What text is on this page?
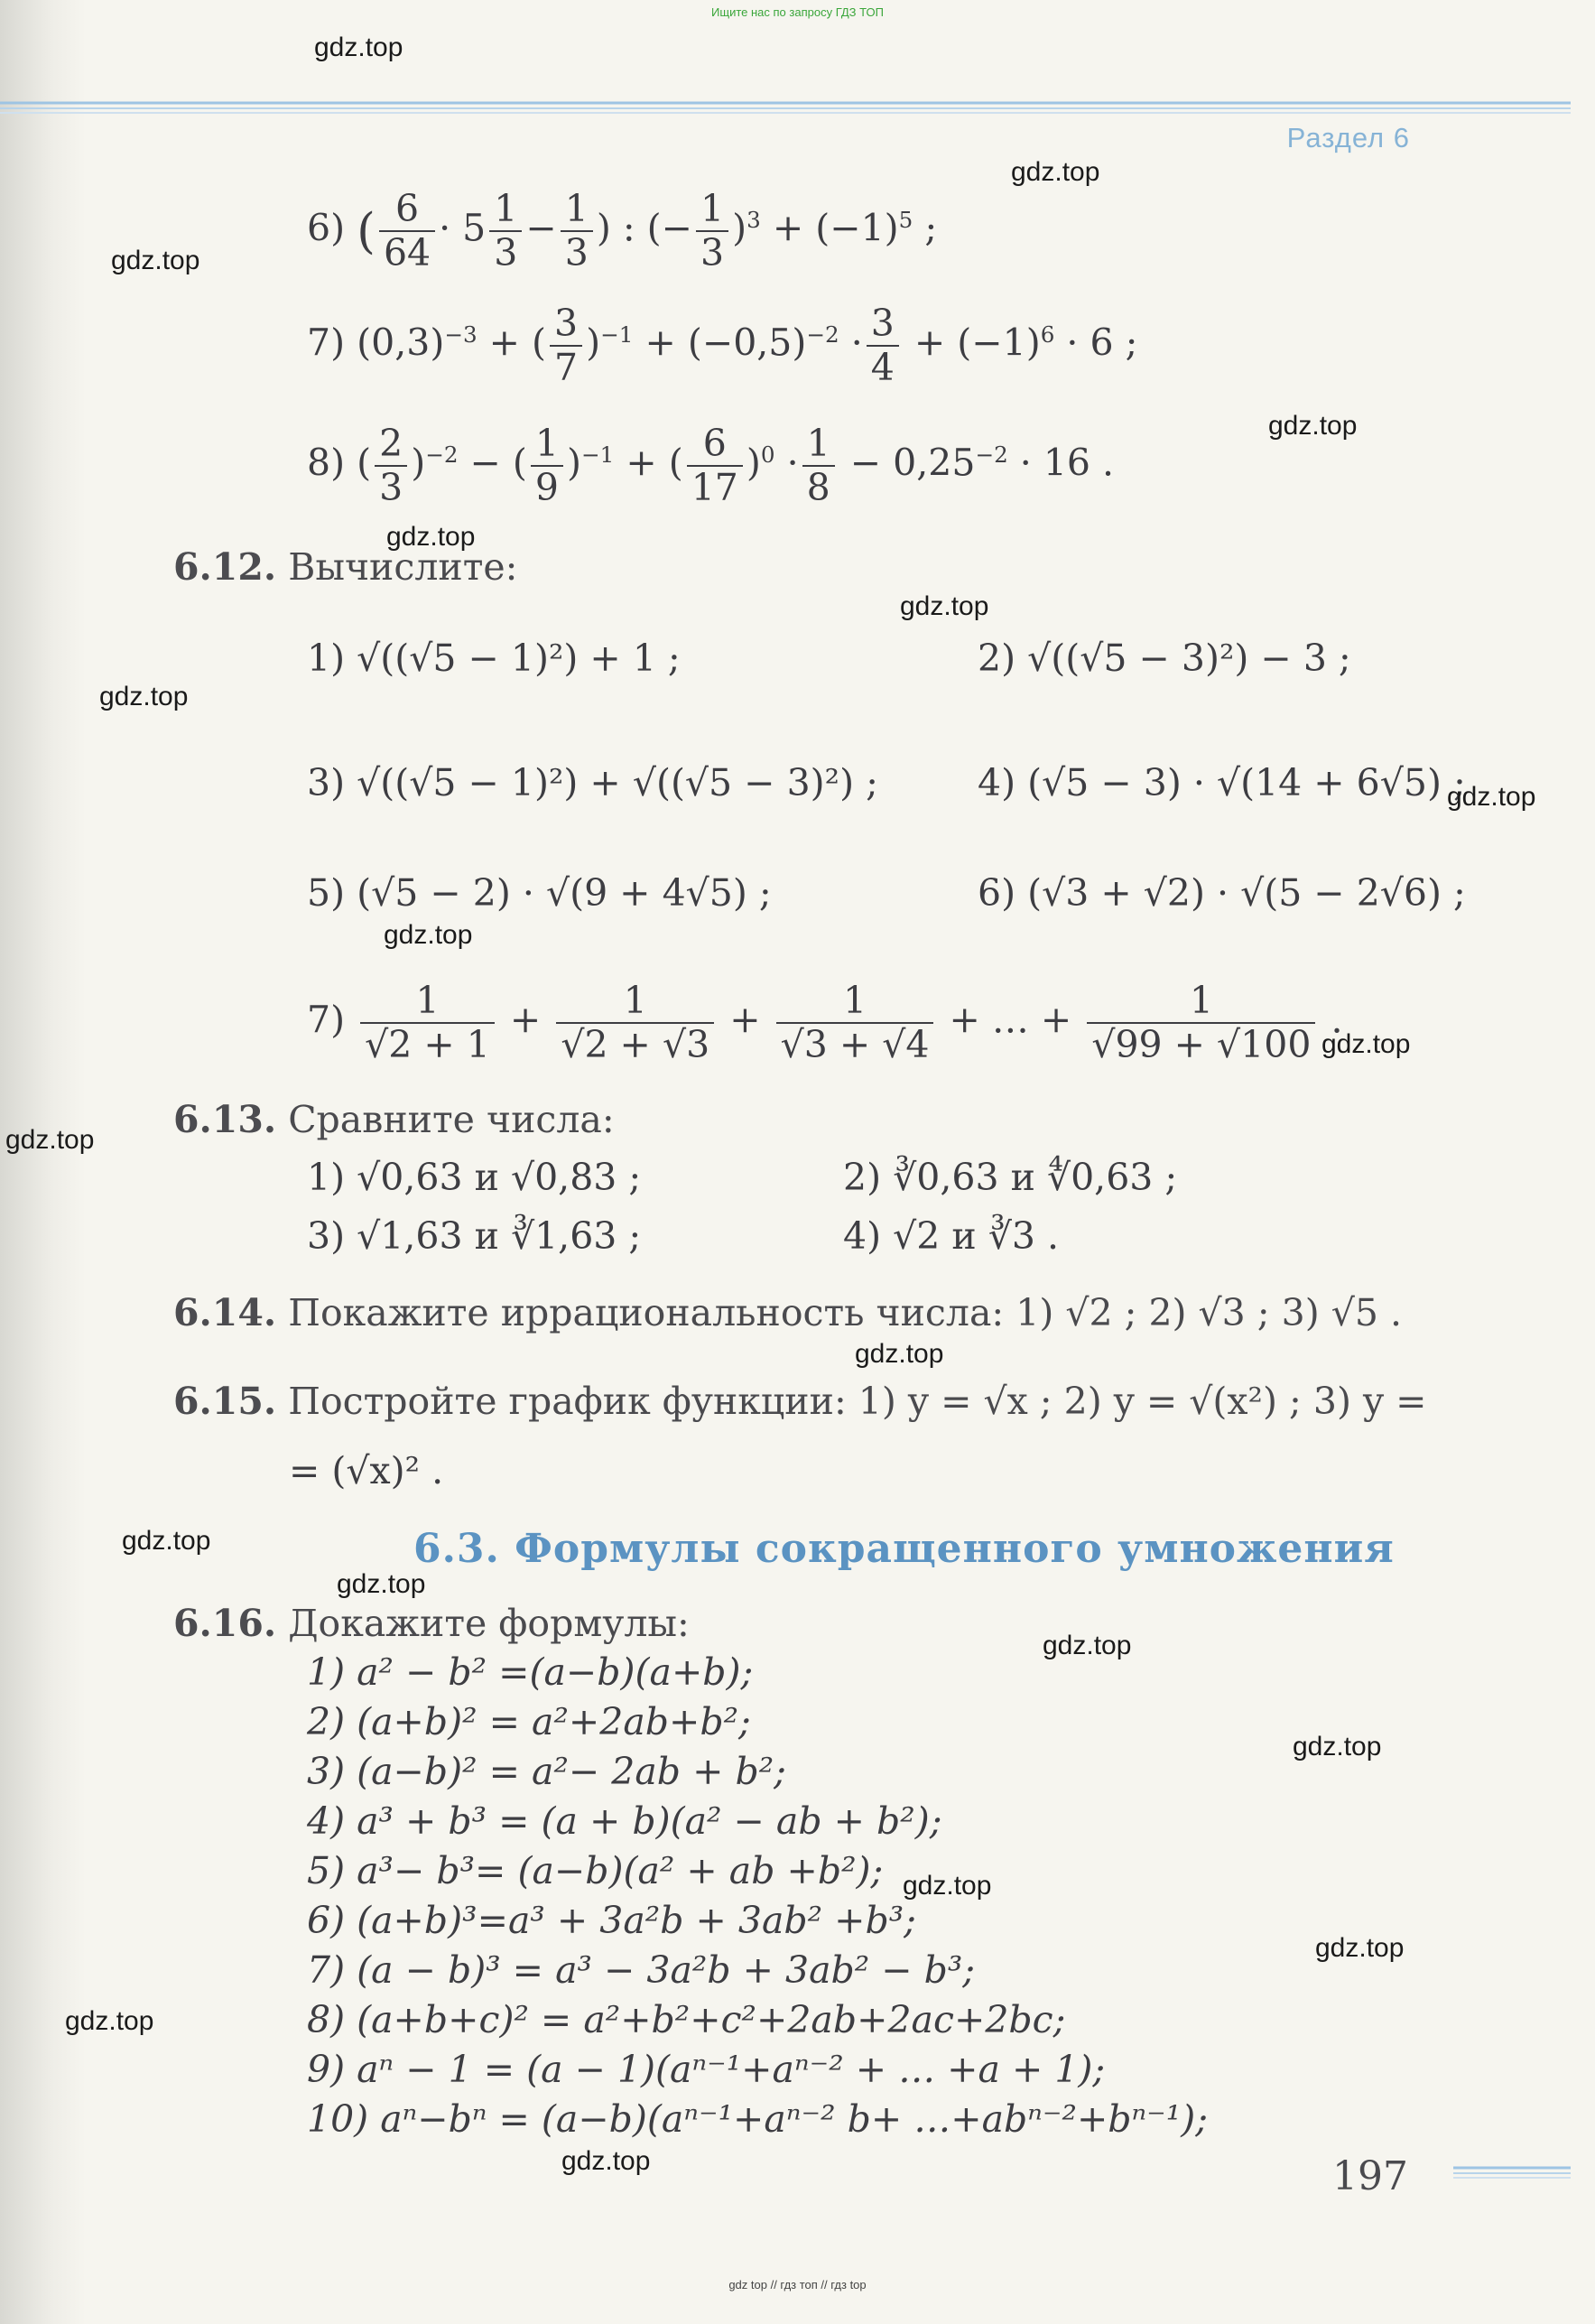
Ищите нас по запросу ГДЗ ТОП
Раздел 6
6) ( $\frac{6}{64} \cdot 5 \frac{1}{3} - \frac{1}{3}$ ) : (− $\frac{1}{3} )^3 + (-1)^5$ ;
7) $(0,3)^{-3}$ + ( $\frac{3}{7} )^{-1} + (-0,5)^{-2} \cdot \frac{3}{4} + (-1)^6 \cdot 6$ ;
8) ( $\frac{2}{3} )^{-2}$ − ( $\frac{1}{9} )^{-1}$ + ( $\frac{6}{17} )^0 \cdot \frac{1}{8} - 0,25^{-2} \cdot 16$ .
6.12. Вычислите:
1) √((√5 − 1)²) + 1 ;	2) √((√5 − 3)²) − 3 ;
3) √((√5 − 1)²) + √((√5 − 3)²) ;	4) (√5 − 3) · √(14 + 6√5) ;
5) (√5 − 2) · √(9 + 4√5) ;	6) (√3 + √2) · √(5 − 2√6) ;
$7) \frac{1}{√2 + 1} + \frac{1}{√2 + √3} + \frac{1}{√3 + √4}$ + … + $\frac{1}{√99 + √100}$ .
6.13. Сравните числа:
1) √0,63 и √0,83 ;	2) ∛0,63 и ∜0,63 ;
3) √1,63 и ∛1,63 ;	4) √2 и ∛3 .
6.14. Покажите иррациональность числа: 1) √2 ; 2) √3 ; 3) √5 .
6.15. Постройте график функции: 1) y = √x ; 2) y = √(x²) ; 3) y =
= (√x)² .
6.3. Формулы сокращенного умножения
6.16. Докажите формулы:
1) a² − b² =(a−b)(a+b);
2) (a+b)² = a²+2ab+b²;
3) (a−b)² = a²− 2ab + b²;
4) a³ + b³ = (a + b)(a² − ab + b²);
5) a³− b³= (a−b)(a² + ab +b²);
6) (a+b)³=a³ + 3a²b + 3ab² +b³;
7) (a − b)³ = a³ − 3a²b + 3ab² − b³;
8) (a+b+c)² = a²+b²+c²+2ab+2ac+2bc;
9) aⁿ − 1 = (a − 1)(aⁿ⁻¹+aⁿ⁻² + … +a + 1);
10) aⁿ−bⁿ = (a−b)(aⁿ⁻¹+aⁿ⁻² b+ …+abⁿ⁻²+bⁿ⁻¹);
197
gdz.top
gdz.top
gdz.top
gdz.top
gdz.top
gdz.top
gdz.top
gdz.top
gdz.top
gdz.top
gdz.top
gdz.top
gdz.top
gdz.top
gdz.top
gdz.top
gdz.top
gdz.top
gdz.top
gdz.top
gdz top // гдз топ // гдз top
